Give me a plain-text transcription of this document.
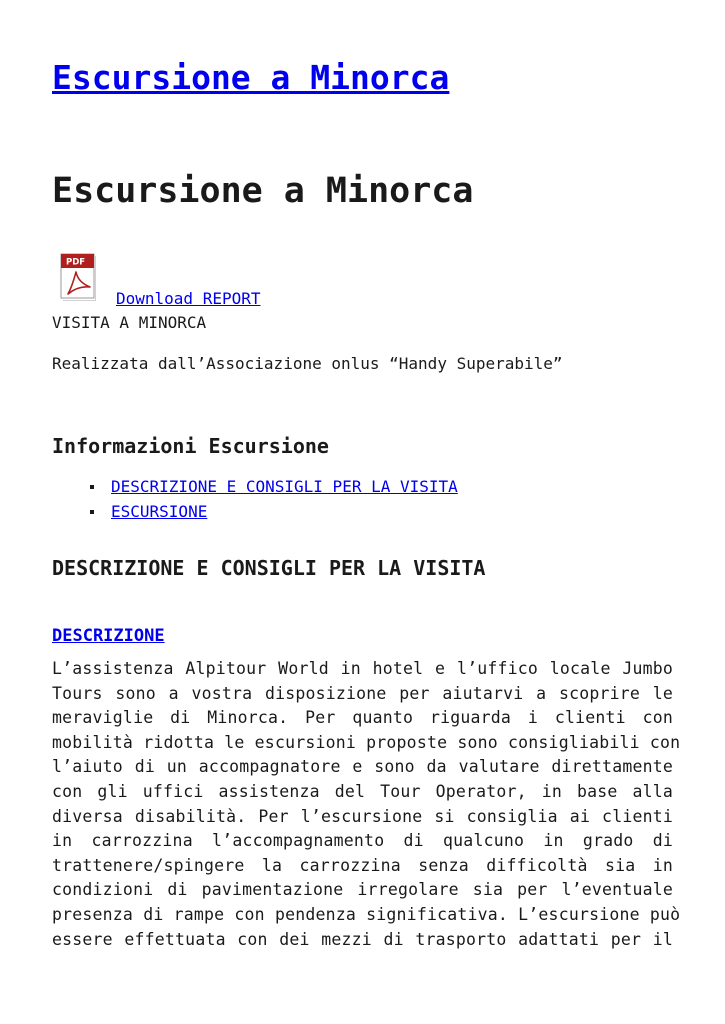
Escursione a Minorca
Escursione a Minorca
PDF
Download REPORT
VISITA A MINORCA
Realizzata dall’Associazione onlus “Handy Superabile”
Informazioni Escursione
DESCRIZIONE E CONSIGLI PER LA VISITA
ESCURSIONE
DESCRIZIONE E CONSIGLI PER LA VISITA
DESCRIZIONE

L’assistenza Alpitour World in hotel e l’uffico locale Jumbo
Tours sono a vostra disposizione per aiutarvi a scoprire le
meraviglie di Minorca. Per quanto riguarda i clienti con
mobilità ridotta le escursioni proposte sono consigliabili con
l’aiuto di un accompagnatore e sono da valutare direttamente
con gli uffici assistenza del Tour Operator, in base alla
diversa disabilità. Per l’escursione si consiglia ai clienti
in carrozzina l’accompagnamento di qualcuno in grado di
trattenere/spingere la carrozzina senza difficoltà sia in
condizioni di pavimentazione irregolare sia per l’eventuale
presenza di rampe con pendenza significativa. L’escursione può
essere effettuata con dei mezzi di trasporto adattati per il
